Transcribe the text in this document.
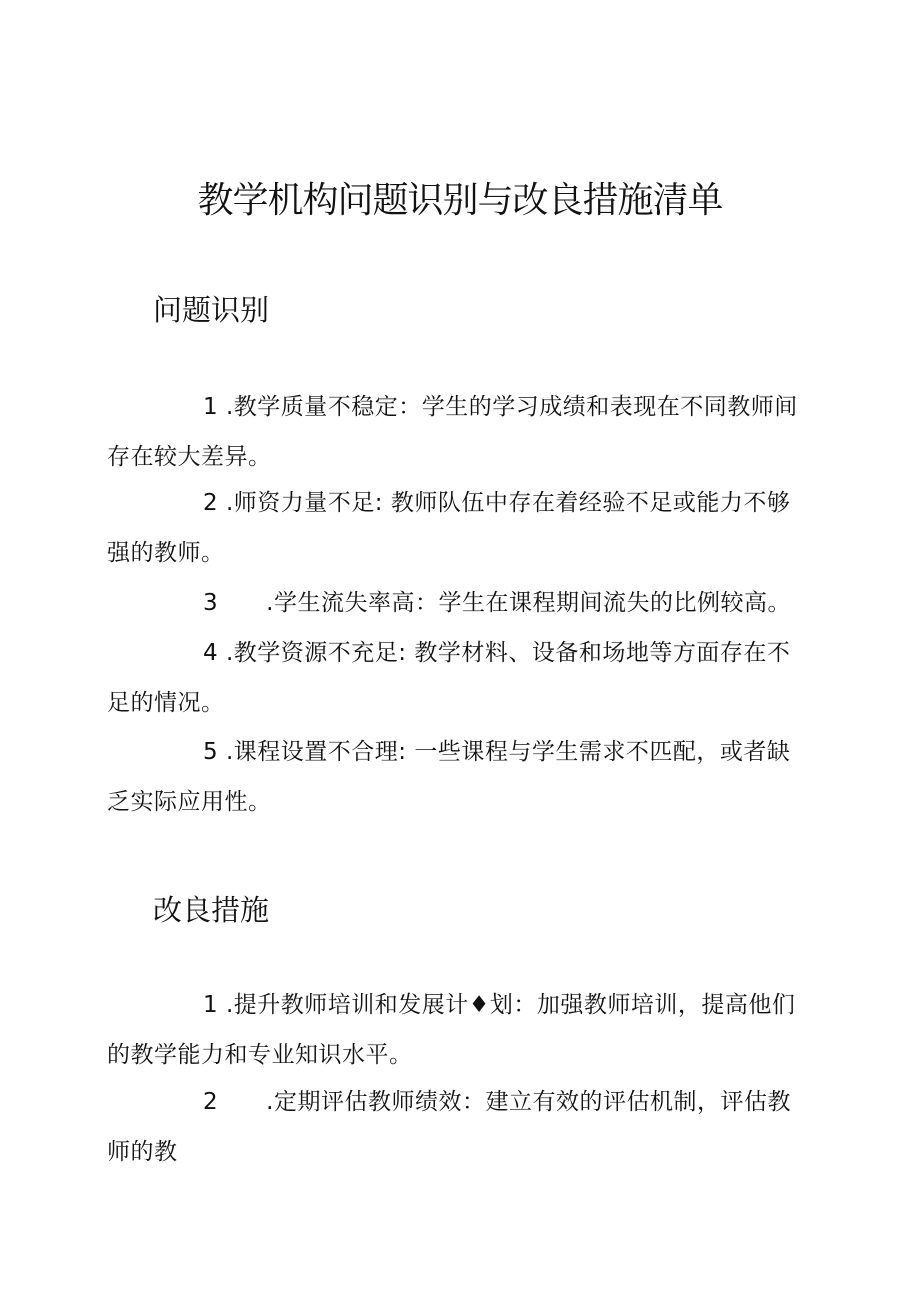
教学机构问题识别与改良措施清单
问题识别

1 .教学质量不稳定：学生的学习成绩和表现在不同教师间存在较大差异。

2 .师资力量不足: 教师队伍中存在着经验不足或能力不够强的教师。

3 .学生流失率高：学生在课程期间流失的比例较高。

4 .教学资源不充足: 教学材料、设备和场地等方面存在不足的情况。

5 .课程设置不合理: 一些课程与学生需求不匹配，或者缺乏实际应用性。

改良措施

1 .提升教师培训和发展计♦划：加强教师培训，提高他们的教学能力和专业知识水平。

2 .定期评估教师绩效：建立有效的评估机制，评估教师的教
